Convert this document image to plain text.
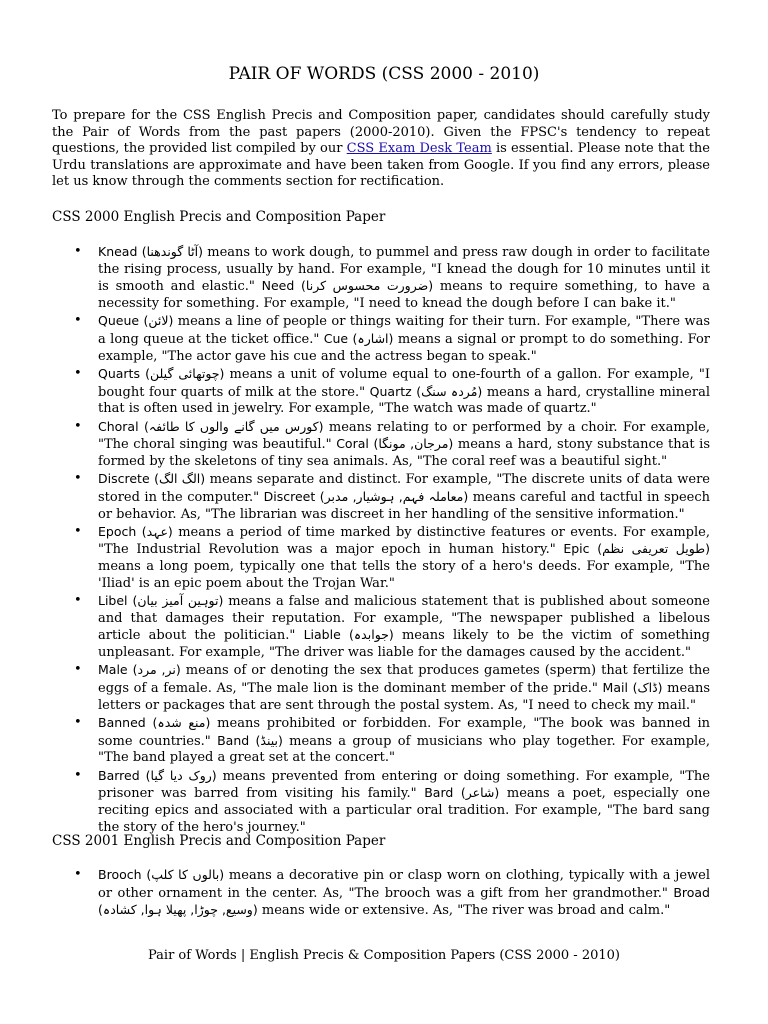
PAIR OF WORDS (CSS 2000 - 2010)

To prepare for the CSS English Precis and Composition paper, candidates should carefully study the Pair of Words from the past papers (2000-2010). Given the FPSC's tendency to repeat questions, the provided list compiled by our CSS Exam Desk Team is essential. Please note that the Urdu translations are approximate and have been taken from Google. If you find any errors, please let us know through the comments section for rectification.

CSS 2000 English Precis and Composition Paper

• Knead (آٹا گوندھنا) means to work dough, to pummel and press raw dough in order to facilitate the rising process, usually by hand. For example, "I knead the dough for 10 minutes until it is smooth and elastic." Need (ضرورت محسوس کرنا) means to require something, to have a necessity for something. For example, "I need to knead the dough before I can bake it."
• Queue (لائن) means a line of people or things waiting for their turn. For example, "There was a long queue at the ticket office." Cue (اشارہ) means a signal or prompt to do something. For example, "The actor gave his cue and the actress began to speak."
• Quarts (چوتھائی گیلن) means a unit of volume equal to one-fourth of a gallon. For example, "I bought four quarts of milk at the store." Quartz (مُردہ سنگ) means a hard, crystalline mineral that is often used in jewelry. For example, "The watch was made of quartz."
• Choral (کورس میں گانے والوں کا طائفہ) means relating to or performed by a choir. For example, "The choral singing was beautiful." Coral (مرجان, مونگا) means a hard, stony substance that is formed by the skeletons of tiny sea animals. As, "The coral reef was a beautiful sight."
• Discrete (الگ الگ) means separate and distinct. For example, "The discrete units of data were stored in the computer." Discreet (معاملہ فہم, ہوشیار, مدبر) means careful and tactful in speech or behavior. As, "The librarian was discreet in her handling of the sensitive information."
• Epoch (عہد) means a period of time marked by distinctive features or events. For example, "The Industrial Revolution was a major epoch in human history." Epic (طویل تعریفی نظم) means a long poem, typically one that tells the story of a hero's deeds. For example, "The 'Iliad' is an epic poem about the Trojan War."
• Libel (توہین آمیز بیان) means a false and malicious statement that is published about someone and that damages their reputation. For example, "The newspaper published a libelous article about the politician." Liable (جوابدہ) means likely to be the victim of something unpleasant. For example, "The driver was liable for the damages caused by the accident."
• Male (نر, مرد) means of or denoting the sex that produces gametes (sperm) that fertilize the eggs of a female. As, "The male lion is the dominant member of the pride." Mail (ڈاک) means letters or packages that are sent through the postal system. As, "I need to check my mail."
• Banned (منع شدہ) means prohibited or forbidden. For example, "The book was banned in some countries." Band (بینڈ) means a group of musicians who play together. For example, "The band played a great set at the concert."
• Barred (روک دیا گیا) means prevented from entering or doing something. For example, "The prisoner was barred from visiting his family." Bard (شاعر) means a poet, especially one reciting epics and associated with a particular oral tradition. For example, "The bard sang the story of the hero's journey."

CSS 2001 English Precis and Composition Paper

• Brooch (بالوں کا کلپ) means a decorative pin or clasp worn on clothing, typically with a jewel or other ornament in the center. As, "The brooch was a gift from her grandmother." Broad (وسیع, چوڑا, پھیلا ہوا, کشادہ) means wide or extensive. As, "The river was broad and calm."
Pair of Words | English Precis & Composition Papers (CSS 2000 - 2010)
